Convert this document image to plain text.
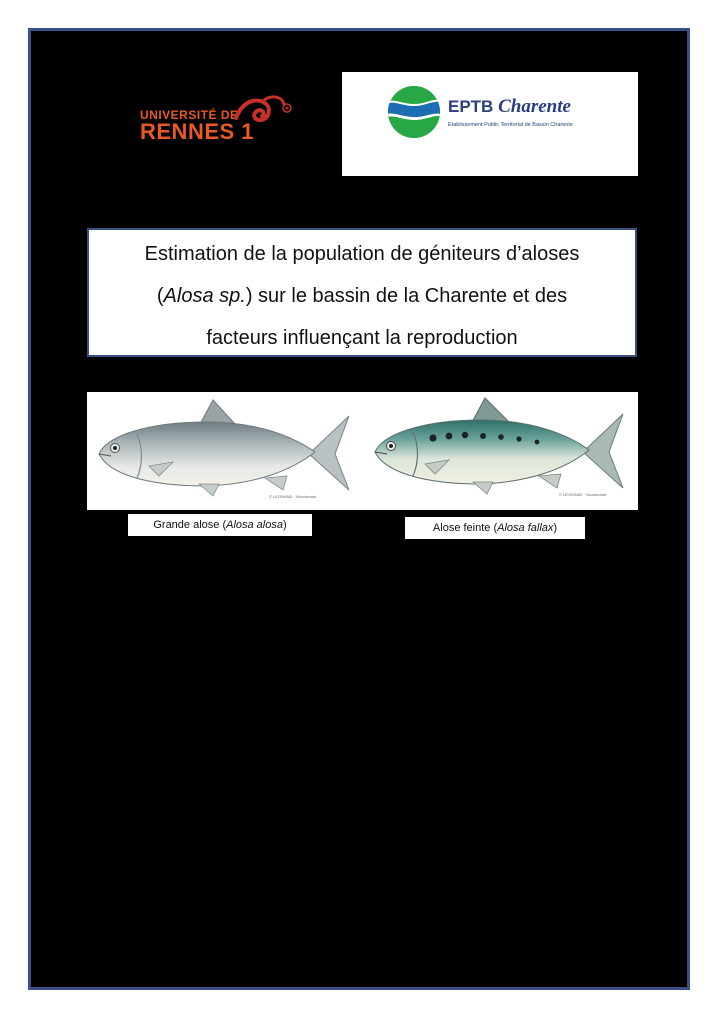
UNIVERSITÉ DE
RENNES 1
EPTB Charente
Etablissement Public Territorial de Bassin Charente
Estimation de la population de géniteurs d’aloses
(Alosa sp.) sur le bassin de la Charente et des
facteurs influençant la reproduction
© LEGRAND · Noodsonde	© LEGRAND · Noodsonde
Grande alose (Alosa alosa)	Alose feinte (Alosa fallax)
